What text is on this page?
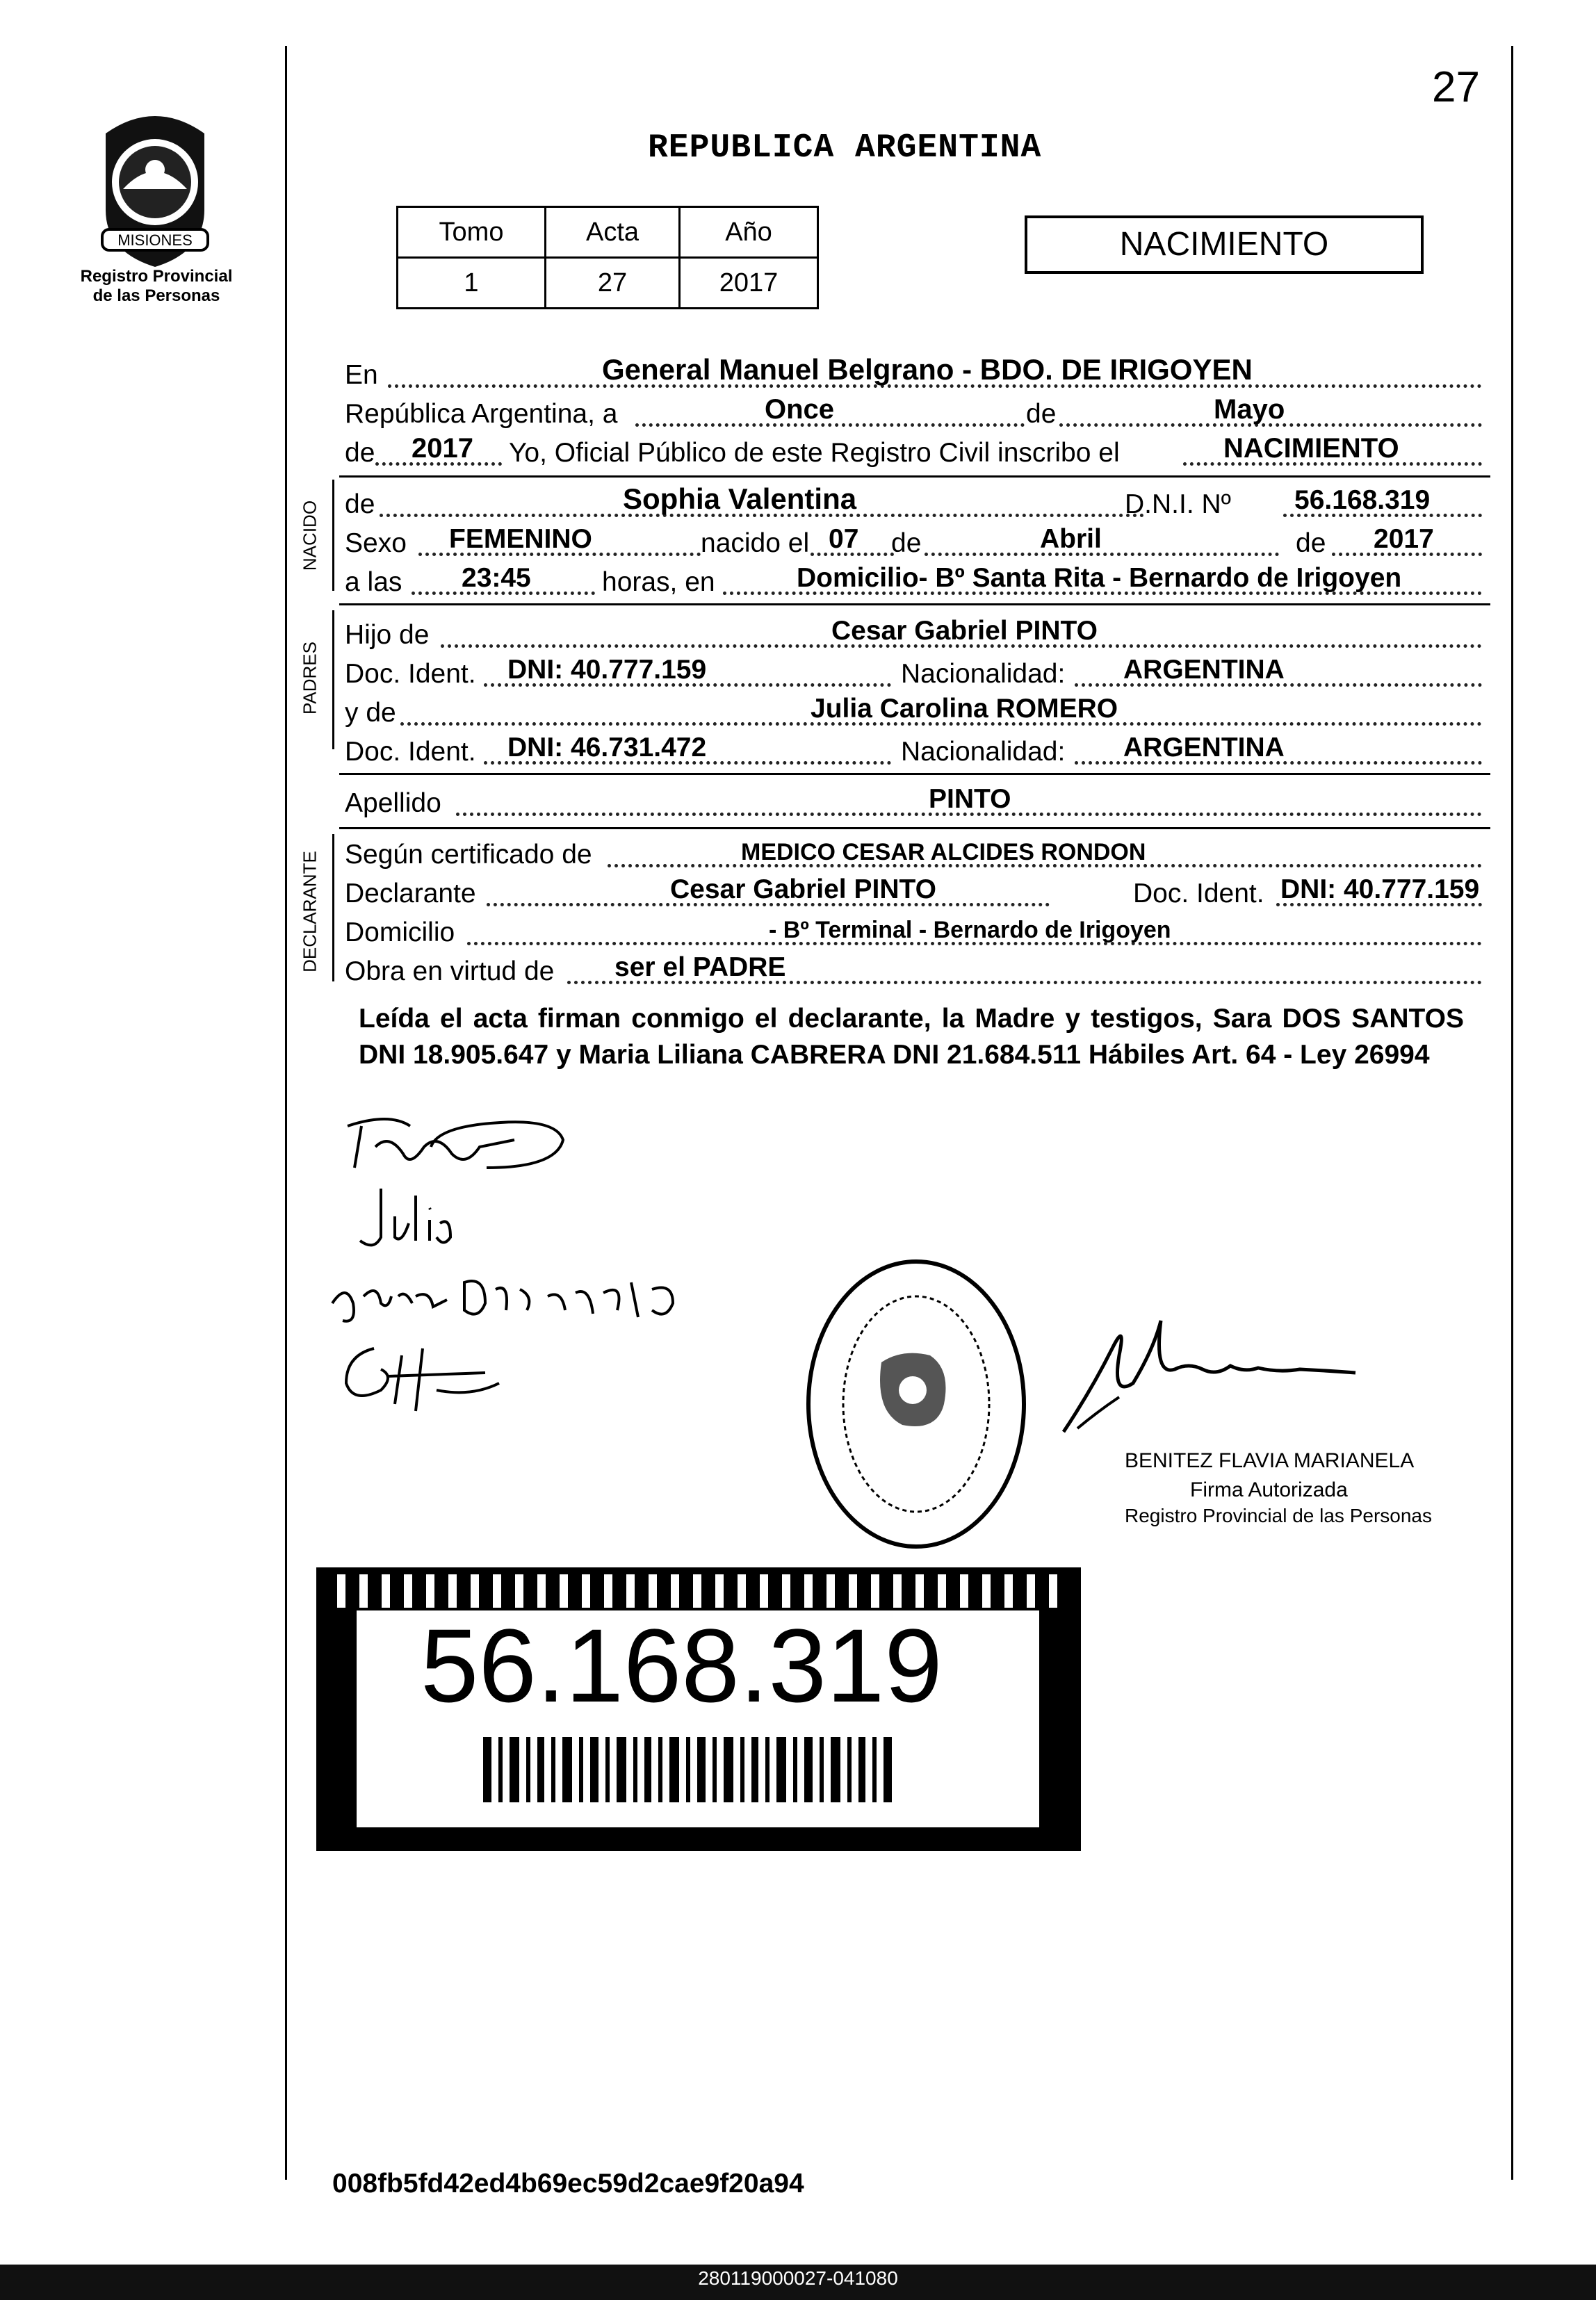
27
MISIONES
Registro Provincial
de las Personas
REPUBLICA ARGENTINA
Tomo	Acta	Año
1	27	2017
NACIMIENTO
En	General Manuel Belgrano - BDO. DE IRIGOYEN
República Argentina, a	Once	de	Mayo
de 2017 Yo, Oficial Público de este Registro Civil inscribo el	NACIMIENTO
NACIDO de	Sophia Valentina	D.N.I. Nº 56.168.319
Sexo FEMENINO	nacido el 07 de	Abril	de 2017
a las 23:45	horas, en	Domicilio- Bº Santa Rita - Bernardo de Irigoyen
PADRES
Hijo de	Cesar Gabriel PINTO
Doc. Ident. DNI: 40.777.159	Nacionalidad: ARGENTINA
y de	Julia Carolina ROMERO
Doc. Ident. DNI: 46.731.472	Nacionalidad: ARGENTINA
Apellido	PINTO
DECLARANTE Según certificado de	MEDICO CESAR ALCIDES RONDON
Declarante	Cesar Gabriel PINTO	Doc. Ident. DNI: 40.777.159
Domicilio	- Bº Terminal - Bernardo de Irigoyen
Obra en virtud de ser el PADRE
Leída el acta firman conmigo el declarante, la Madre y testigos, Sara DOS SANTOS DNI 18.905.647 y Maria Liliana CABRERA DNI 21.684.511 Hábiles Art. 64 - Ley 26994
BENITEZ FLAVIA MARIANELA
Firma Autorizada
Registro Provincial de las Personas
56.168.319
008fb5fd42ed4b69ec59d2cae9f20a94
280119000027-041080
